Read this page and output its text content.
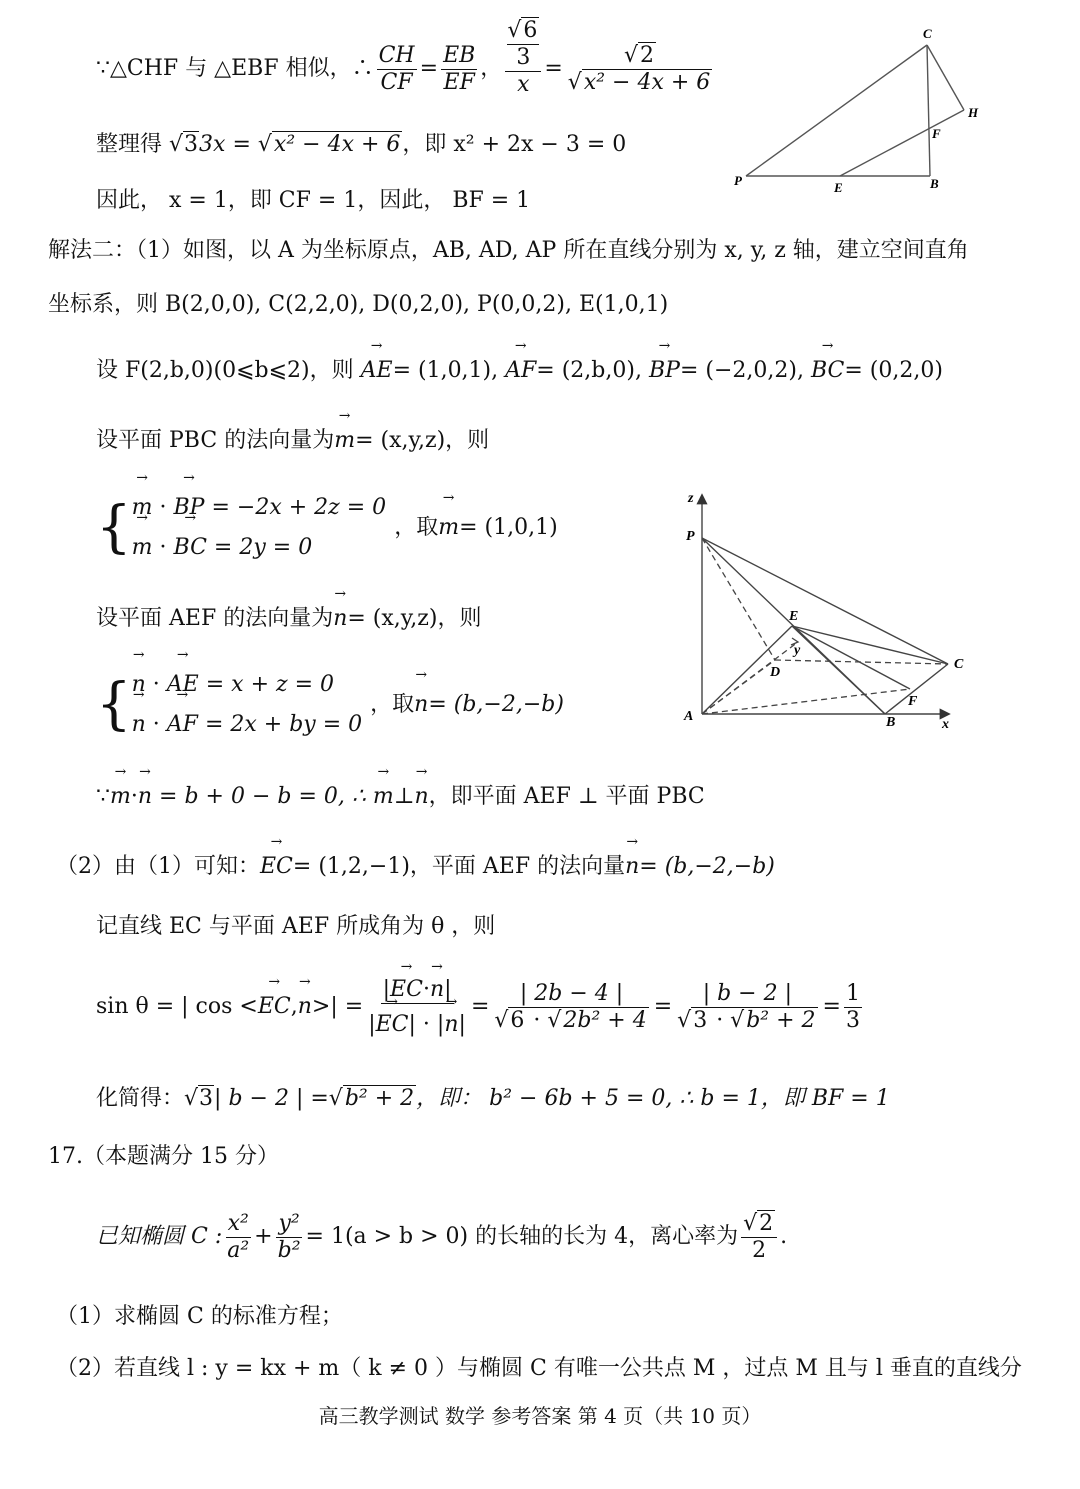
∵△CHF 与 △EBF 相似，∴ $\frac{CH}{CF} = \frac{EB}{EF}$ ， √6
3
$x = \frac{√2}{\text{√x² − 4x + 6}}$
整理得 √33x = √x² − 4x + 6，即 x² + 2x − 3 = 0
因此， x = 1，即 CF = 1，因此， BF = 1
C
H
F
P	E	B
解法二：（1）如图，以 A 为坐标原点，AB, AD, AP 所在直线分别为 x, y, z 轴，建立空间直角
坐标系，则 B(2,0,0), C(2,2,0), D(0,2,0), P(0,0,2), E(1,0,1)
设 F(2,b,0)(0⩽b⩽2)，则 → AE= (1,0,1), → AF= (2,b,0), → BP= (−2,0,2), → BC= (0,2,0)
设平面 PBC 的法向量为→ m= (x,y,z)，则
{ → m · → BP = −2x + 2z = 0
→ m · → BC = 2y = 0
，取 → m = (1,0,1)
设平面 AEF 的法向量为→ n= (x,y,z)，则
{ → n · → AE = x + z = 0
→ n · → AF = 2x + by = 0
，取 → n = (b,−2,−b)
z
P
E
y
D
C
F
A	B	x
∵→ m·→ n = b + 0 − b = 0, ∴ → m⊥→ n，即平面 AEF ⊥ 平面 PBC
（2）由（1）可知：→ EC= (1,2,−1)，平面 AEF 的法向量→ n= (b,−2,−b)
记直线 EC 与平面 AEF 所成角为 θ ，则
sin θ = | cos < → EC , → n >| = $\frac{|\to EC\cdot\to n|}{|\to EC| \cdot |\to n|} = \frac{| 2b - 4 |}{\text{√6 · √2b² + 4}} = \frac{| b - 2 |}{\text{√3 · √b² + 2}} = \frac{1}{3}$
化简得：√3| b − 2 | =√b² + 2，即： b² − 6b + 5 = 0, ∴ b = 1，即 BF = 1
17.（本题满分 15 分）
已知椭圆 C : $\frac{\text{x²}}{\text{a²}} + \frac{\text{y²}}{\text{b²}} = 1(a > b > 0)$ 的长轴的长为 4，离心率为 $\frac{√2}{2}$ .
（1）求椭圆 C 的标准方程；
（2）若直线 l : y = kx + m（ k ≠ 0 ）与椭圆 C 有唯一公共点 M ，过点 M 且与 l 垂直的直线分
高三教学测试 数学 参考答案 第 4 页（共 10 页）
